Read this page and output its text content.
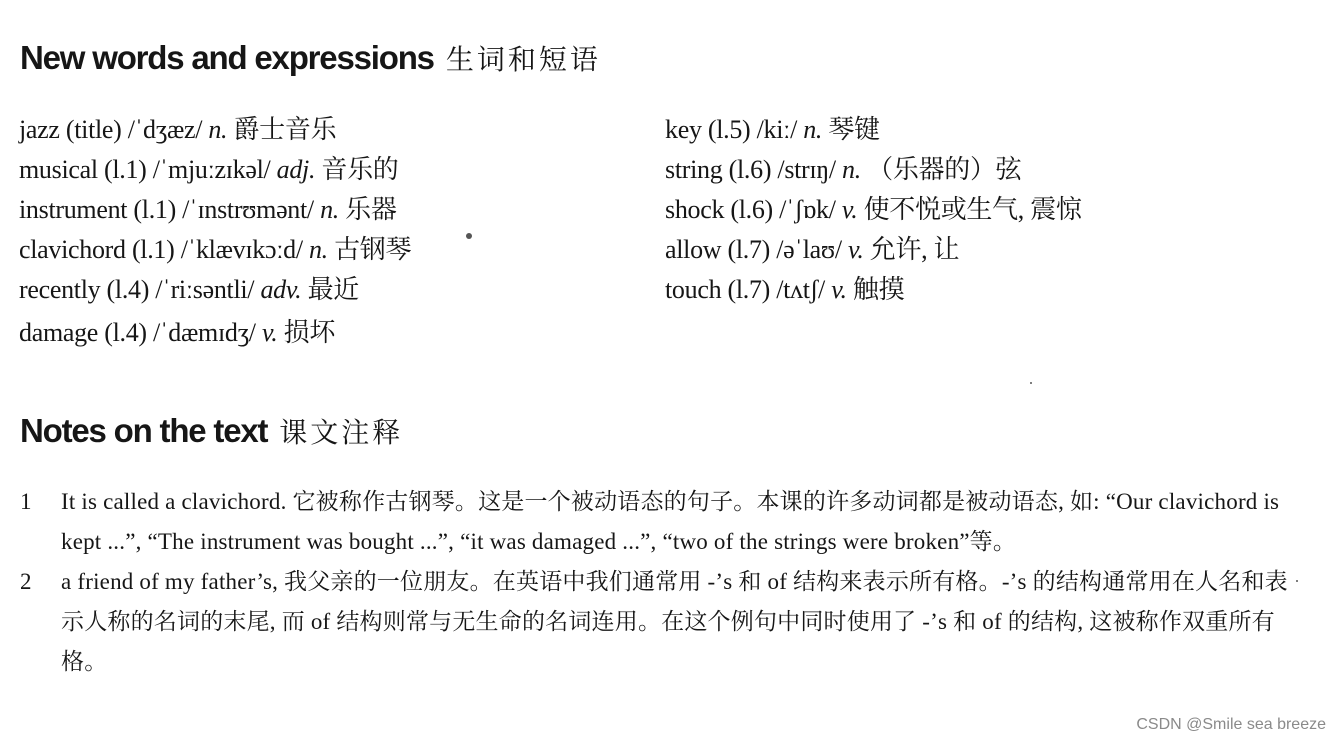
New words and expressions 生词和短语
jazz (title) /ˈdʒæz/ n. 爵士音乐
musical (l.1) /ˈmjuːzɪkəl/ adj. 音乐的
instrument (l.1) /ˈɪnstrʊmənt/ n. 乐器
clavichord (l.1) /ˈklævɪkɔːd/ n. 古钢琴
recently (l.4) /ˈriːsəntli/ adv. 最近
damage (l.4) /ˈdæmɪdʒ/ v. 损坏
key (l.5) /kiː/ n. 琴键
string (l.6) /strɪŋ/ n. （乐器的）弦
shock (l.6) /ˈʃɒk/ v. 使不悦或生气, 震惊
allow (l.7) /əˈlaʊ/ v. 允许, 让
touch (l.7) /tʌtʃ/ v. 触摸
Notes on the text 课文注释
1 It is called a clavichord. 它被称作古钢琴。这是一个被动语态的句子。本课的许多动词都是被动语态, 如: “Our clavichord is kept ...”, “The instrument was bought ...”, “it was damaged ...”, “two of the strings were broken”等。
2 a friend of my father’s, 我父亲的一位朋友。在英语中我们通常用 -’s 和 of 结构来表示所有格。-’s 的结构通常用在人名和表示人称的名词的末尾, 而 of 结构则常与无生命的名词连用。在这个例句中同时使用了 -’s 和 of 的结构, 这被称作双重所有格。
CSDN @Smile sea breeze
